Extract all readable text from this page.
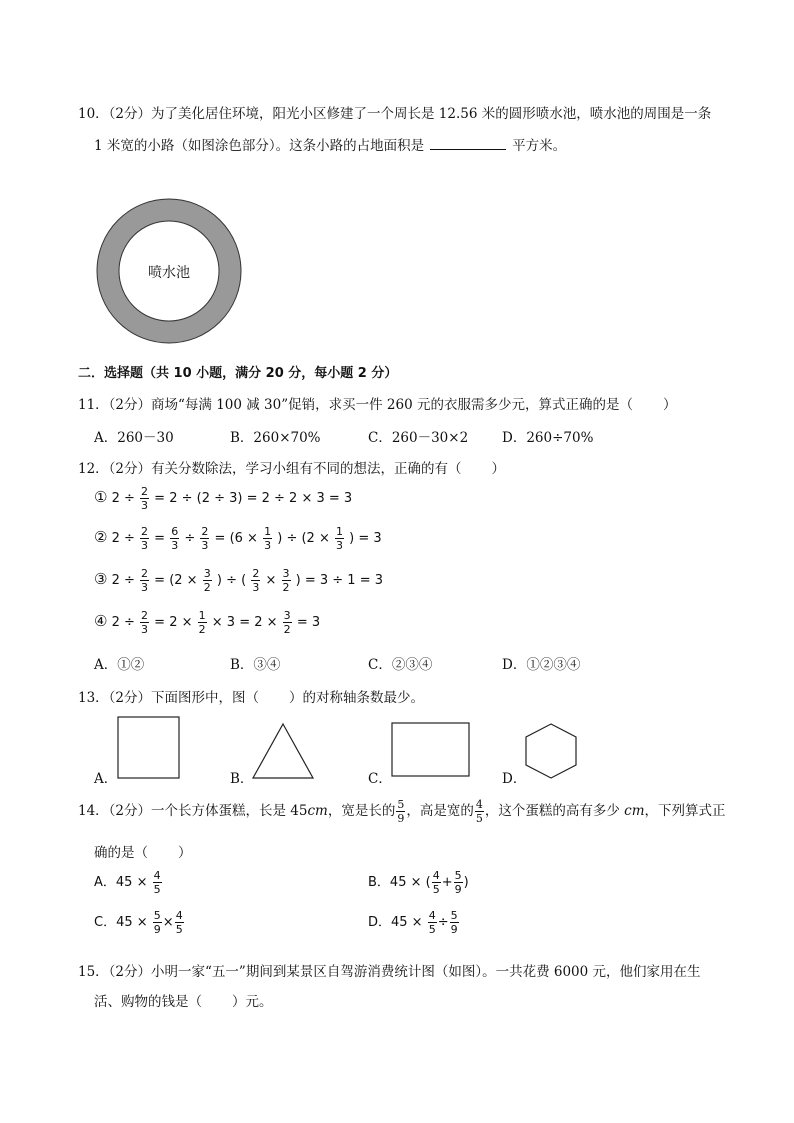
10．（2分）为了美化居住环境，阳光小区修建了一个周长是 12.56 米的圆形喷水池，喷水池的周围是一条
1 米宽的小路（如图涂色部分）。这条小路的占地面积是	平方米。
喷水池
二．选择题（共 10 小题，满分 20 分，每小题 2 分）
11．（2分）商场“每满 100 减 30”促销，求买一件 260 元的衣服需多少元，算式正确的是（ ）
A．260－30	B．260×70%	C．260－30×2	D．260÷70%
12．（2分）有关分数除法，学习小组有不同的想法，正确的有（ ）
① $2 \div \frac{2}{3} = 2 \div (2 \div 3) = 2 \div 2 \times 3 = 3$
② $2 \div \frac{2}{3} = \frac{6}{3} \div \frac{2}{3} = (6 \times \frac{1}{3}$ ) ÷ ($2 \times \frac{1}{3}$ ) = 3
③ $2 \div \frac{2}{3} = (2 \times \frac{3}{2}$ ) ÷ ( $\frac{2}{3} \times \frac{3}{2}$ ) = 3 ÷ 1 = 3
④ $2 \div \frac{2}{3} = 2 \times \frac{1}{2} \times 3 = 2 \times \frac{3}{2} = 3$
A．①②	B．③④	C．②③④	D．①②③④
13．（2分）下面图形中，图（ ）的对称轴条数最少。
A．	B．	C．	D．
14．（2分）一个长方体蛋糕，长是 45cm，宽是长的 $\frac{5}{9}$ ，高是宽的 $\frac{4}{5}$ ，这个蛋糕的高有多少 cm，下列算式正
确的是（ ）
A．$45 \times \frac{4}{5}$	B．45 × ( $\frac{4}{5} + \frac{5}{9}$ )
C．$45 \times \frac{5}{9} \times \frac{4}{5}$	D．$45 \times \frac{4}{5} \div \frac{5}{9}$
15．（2分）小明一家“五一”期间到某景区自驾游消费统计图（如图）。一共花费 6000 元，他们家用在生
活、购物的钱是（ ）元。
